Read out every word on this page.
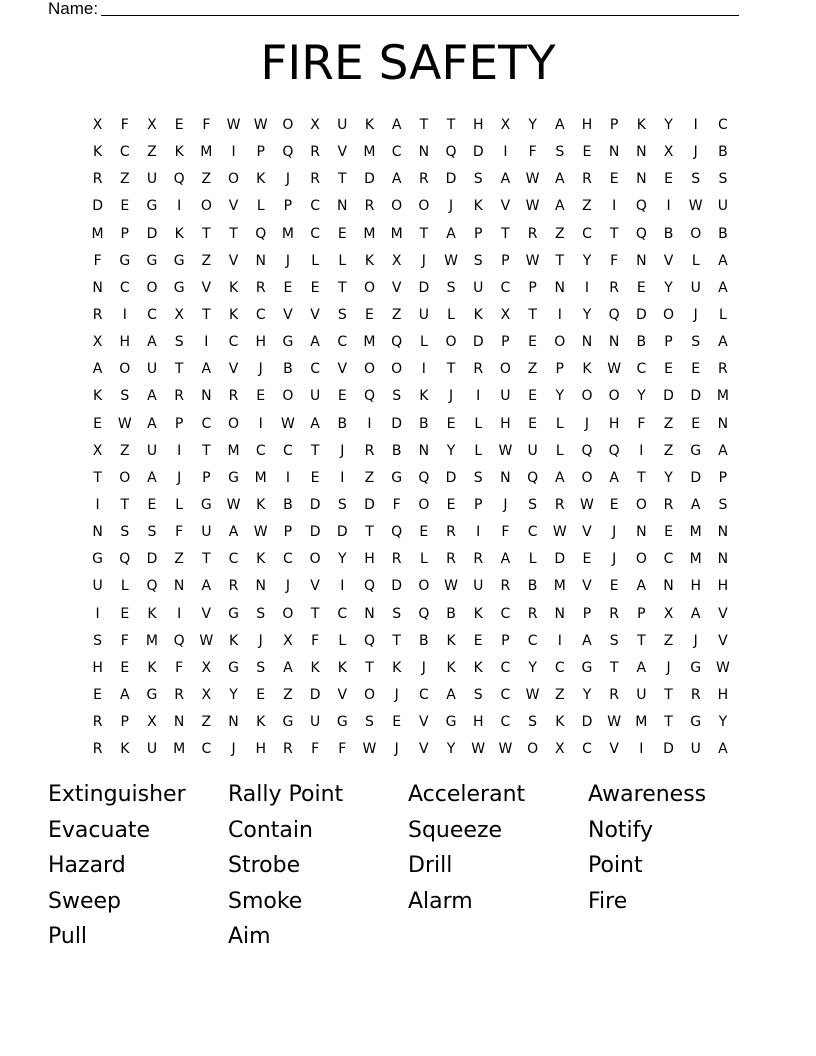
Name:
FIRE SAFETY
X	F	X	E	F	W W	O	X	U	K	A	T	T	H	X	Y	A	H	P	K	Y	I	C
K	C	Z	K	M	I	P	Q	R	V	M	C	N	Q	D	I	F	S	E	N	N	X	J	B
R	Z	U	Q	Z	O	K	J	R	T	D	A	R	D	S	A	W	A	R	E	N	E	S	S
D	E	G	I	O	V	L	P	C	N	R	O	O	J	K	V	W	A	Z	I	Q	I	W	U
M	P	D	K	T	T	Q	M	C	E	M	M	T	A	P	T	R	Z	C	T	Q	B	O	B
F	G	G	G	Z	V	N	J	L	L	K	X	J	W	S	P	W	T	Y	F	N	V	L	A
N	C	O	G	V	K	R	E	E	T	O	V	D	S	U	C	P	N	I	R	E	Y	U	A
R	I	C	X	T	K	C	V	V	S	E	Z	U	L	K	X	T	I	Y	Q	D	O	J	L
X	H	A	S	I	C	H	G	A	C	M	Q	L	O	D	P	E	O	N	N	B	P	S	A
A	O	U	T	A	V	J	B	C	V	O	O	I	T	R	O	Z	P	K	W	C	E	E	R
K	S	A	R	N	R	E	O	U	E	Q	S	K	J	I	U	E	Y	O	O	Y	D	D	M
E	W	A	P	C	O	I	W	A	B	I	D	B	E	L	H	E	L	J	H	F	Z	E	N
X	Z	U	I	T	M	C	C	T	J	R	B	N	Y	L	W	U	L	Q	Q	I	Z	G	A
T	O	A	J	P	G	M	I	E	I	Z	G	Q	D	S	N	Q	A	O	A	T	Y	D	P
I	T	E	L	G	W	K	B	D	S	D	F	O	E	P	J	S	R	W	E	O	R	A	S
N	S	S	F	U	A	W	P	D	D	T	Q	E	R	I	F	C	W	V	J	N	E	M	N
G	Q	D	Z	T	C	K	C	O	Y	H	R	L	R	R	A	L	D	E	J	O	C	M	N
U	L	Q	N	A	R	N	J	V	I	Q	D	O	W	U	R	B	M	V	E	A	N	H	H
I	E	K	I	V	G	S	O	T	C	N	S	Q	B	K	C	R	N	P	R	P	X	A	V
S	F	M	Q	W	K	J	X	F	L	Q	T	B	K	E	P	C	I	A	S	T	Z	J	V
H	E	K	F	X	G	S	A	K	K	T	K	J	K	K	C	Y	C	G	T	A	J	G	W
E	A	G	R	X	Y	E	Z	D	V	O	J	C	A	S	C	W	Z	Y	R	U	T	R	H
R	P	X	N	Z	N	K	G	U	G	S	E	V	G	H	C	S	K	D	W	M	T	G	Y
R	K	U	M	C	J	H	R	F	F	W	J	V	Y	W W	O	X	C	V	I	D	U	A
Extinguisher	Rally Point	Accelerant	Awareness
Evacuate	Contain	Squeeze	Notify
Hazard	Strobe	Drill	Point
Sweep	Smoke	Alarm	Fire
Pull	Aim
